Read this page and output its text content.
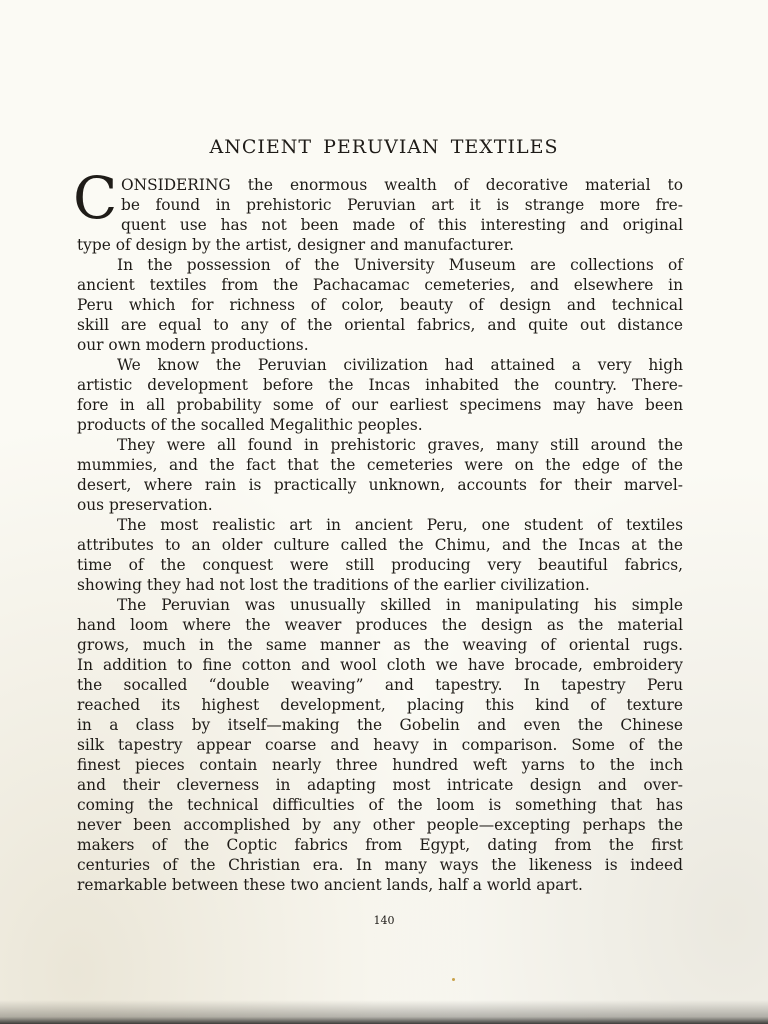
ANCIENT PERUVIAN TEXTILES
C ONSIDERING the enormous wealth of decorative material to
be found in prehistoric Peruvian art it is strange more fre-
quent use has not been made of this interesting and original
type of design by the artist, designer and manufacturer.
In the possession of the University Museum are collections of
ancient textiles from the Pachacamac cemeteries, and elsewhere in
Peru which for richness of color, beauty of design and technical
skill are equal to any of the oriental fabrics, and quite out distance
our own modern productions.
We know the Peruvian civilization had attained a very high
artistic development before the Incas inhabited the country. There-
fore in all probability some of our earliest specimens may have been
products of the socalled Megalithic peoples.
They were all found in prehistoric graves, many still around the
mummies, and the fact that the cemeteries were on the edge of the
desert, where rain is practically unknown, accounts for their marvel-
ous preservation.
The most realistic art in ancient Peru, one student of textiles
attributes to an older culture called the Chimu, and the Incas at the
time of the conquest were still producing very beautiful fabrics,
showing they had not lost the traditions of the earlier civilization.
The Peruvian was unusually skilled in manipulating his simple
hand loom where the weaver produces the design as the material
grows, much in the same manner as the weaving of oriental rugs.
In addition to fine cotton and wool cloth we have brocade, embroidery
the socalled “double weaving” and tapestry. In tapestry Peru
reached its highest development, placing this kind of texture
in a class by itself—making the Gobelin and even the Chinese
silk tapestry appear coarse and heavy in comparison. Some of the
finest pieces contain nearly three hundred weft yarns to the inch
and their cleverness in adapting most intricate design and over-
coming the technical difficulties of the loom is something that has
never been accomplished by any other people—excepting perhaps the
makers of the Coptic fabrics from Egypt, dating from the first
centuries of the Christian era. In many ways the likeness is indeed
remarkable between these two ancient lands, half a world apart.
140
